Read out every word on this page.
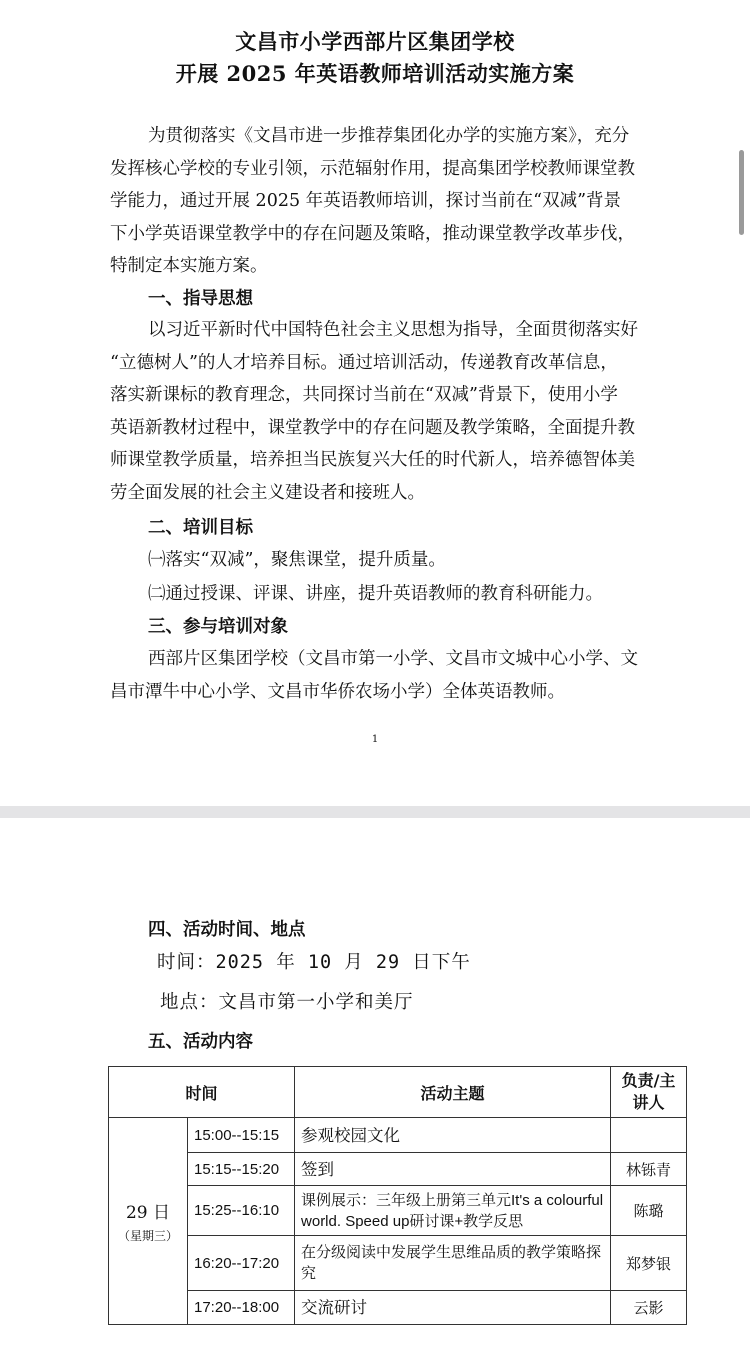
文昌市小学西部片区集团学校
开展 2025 年英语教师培训活动实施方案
为贯彻落实《文昌市进一步推荐集团化办学的实施方案》，充分
发挥核心学校的专业引领，示范辐射作用，提高集团学校教师课堂教
学能力，通过开展 2025 年英语教师培训，探讨当前在“双减”背景
下小学英语课堂教学中的存在问题及策略，推动课堂教学改革步伐，
特制定本实施方案。
一、指导思想
以习近平新时代中国特色社会主义思想为指导，全面贯彻落实好
“立德树人”的人才培养目标。通过培训活动，传递教育改革信息，
落实新课标的教育理念，共同探讨当前在“双减”背景下，使用小学
英语新教材过程中，课堂教学中的存在问题及教学策略，全面提升教
师课堂教学质量，培养担当民族复兴大任的时代新人，培养德智体美
劳全面发展的社会主义建设者和接班人。
二、培训目标
㈠落实“双减”，聚焦课堂，提升质量。
㈡通过授课、评课、讲座，提升英语教师的教育科研能力。
三、参与培训对象
西部片区集团学校（文昌市第一小学、文昌市文城中心小学、文
昌市潭牛中心小学、文昌市华侨农场小学）全体英语教师。
1
四、活动时间、地点
时间：2025 年 10 月 29 日下午
地点：文昌市第一小学和美厅
五、活动内容
时间		活动主题	负责/主讲人

29 日
（星期三）	15:00--15:15	参观校园文化	
	15:15--15:20	签到	林铄青
	15:25--16:10	课例展示：三年级上册第三单元It's a colourful world. Speed up研讨课+教学反思	陈璐
	16:20--17:20	在分级阅读中发展学生思维品质的教学策略探究	郑梦银
	17:20--18:00	交流研讨	云影
